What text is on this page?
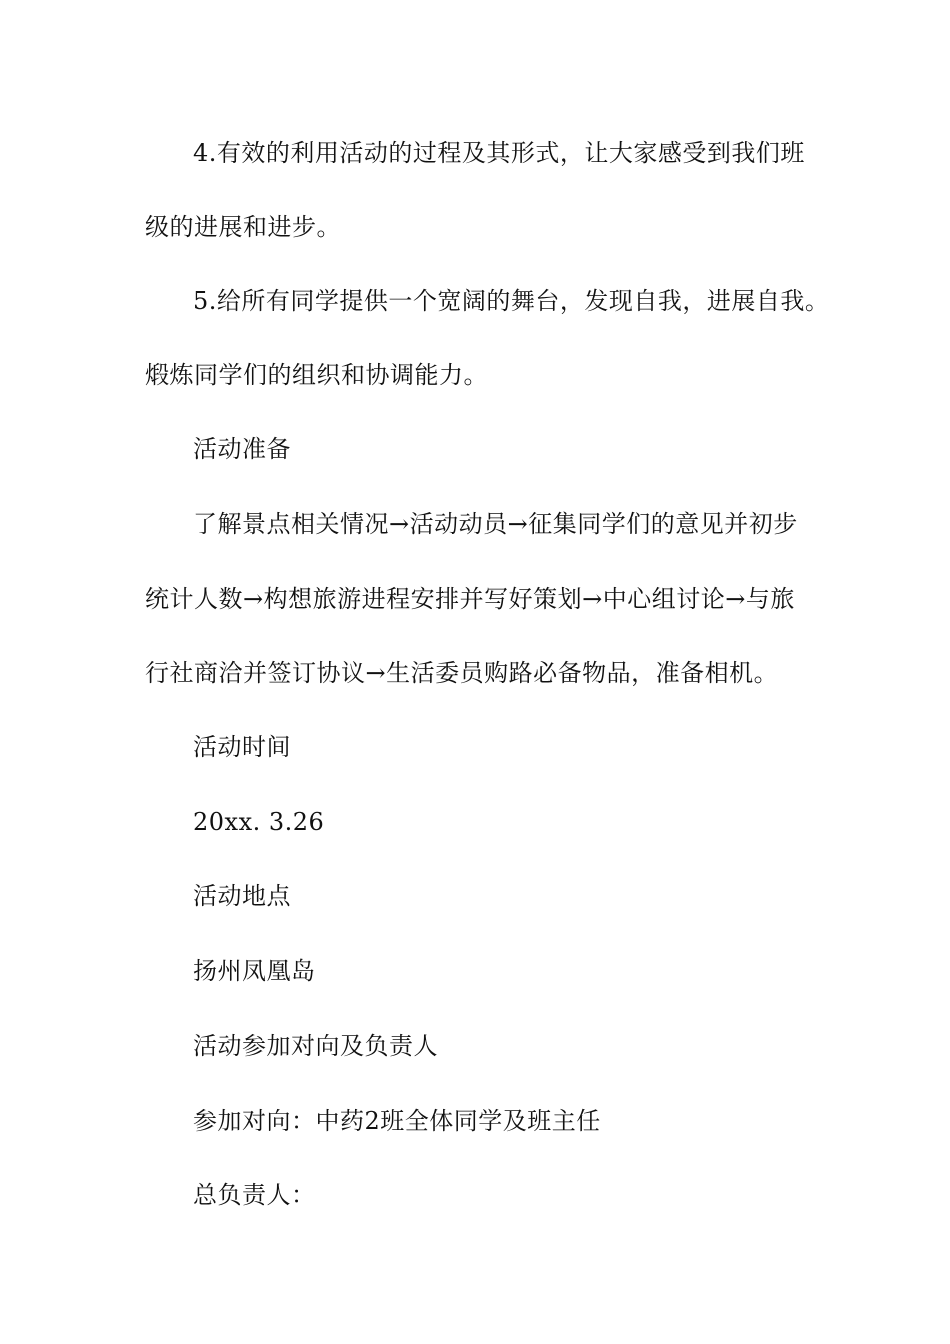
4.有效的利用活动的过程及其形式，让大家感受到我们班
级的进展和进步。
5.给所有同学提供一个宽阔的舞台，发现自我，进展自我。
煅炼同学们的组织和协调能力。
活动准备
了解景点相关情况→活动动员→征集同学们的意见并初步
统计人数→构想旅游进程安排并写好策划→中心组讨论→与旅
行社商洽并签订协议→生活委员购路必备物品，准备相机。
活动时间
20xx. 3.26
活动地点
扬州凤凰岛
活动参加对向及负责人
参加对向：中药2班全体同学及班主任
总负责人：
